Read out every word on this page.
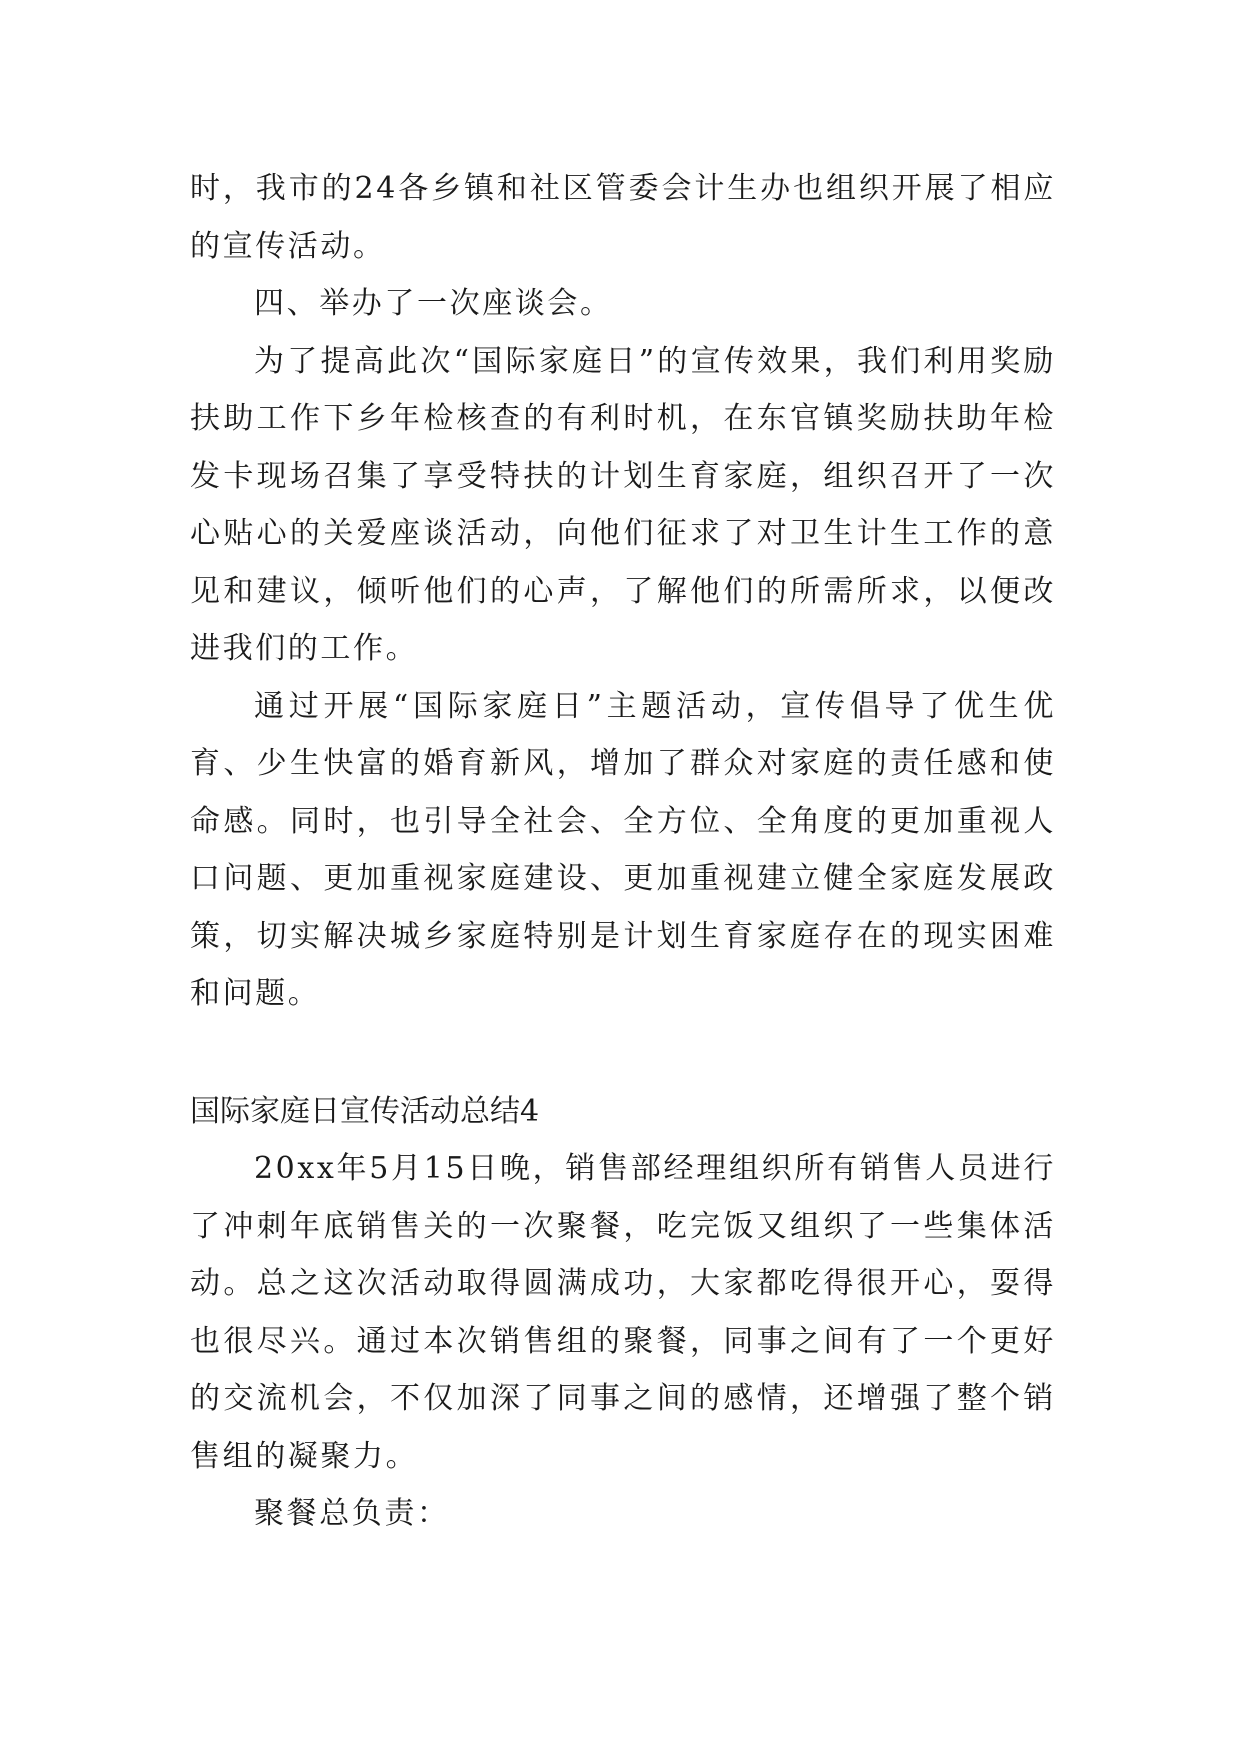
时，我市的24各乡镇和社区管委会计生办也组织开展了相应的宣传活动。

四、举办了一次座谈会。

为了提高此次“国际家庭日”的宣传效果，我们利用奖励扶助工作下乡年检核查的有利时机，在东官镇奖励扶助年检发卡现场召集了享受特扶的计划生育家庭，组织召开了一次心贴心的关爱座谈活动，向他们征求了对卫生计生工作的意见和建议，倾听他们的心声，了解他们的所需所求，以便改进我们的工作。

通过开展“国际家庭日”主题活动，宣传倡导了优生优育、少生快富的婚育新风，增加了群众对家庭的责任感和使命感。同时，也引导全社会、全方位、全角度的更加重视人口问题、更加重视家庭建设、更加重视建立健全家庭发展政策，切实解决城乡家庭特别是计划生育家庭存在的现实困难和问题。

国际家庭日宣传活动总结4

20xx年5月15日晚，销售部经理组织所有销售人员进行了冲刺年底销售关的一次聚餐，吃完饭又组织了一些集体活动。总之这次活动取得圆满成功，大家都吃得很开心，耍得也很尽兴。通过本次销售组的聚餐，同事之间有了一个更好的交流机会，不仅加深了同事之间的感情，还增强了整个销售组的凝聚力。

聚餐总负责：
